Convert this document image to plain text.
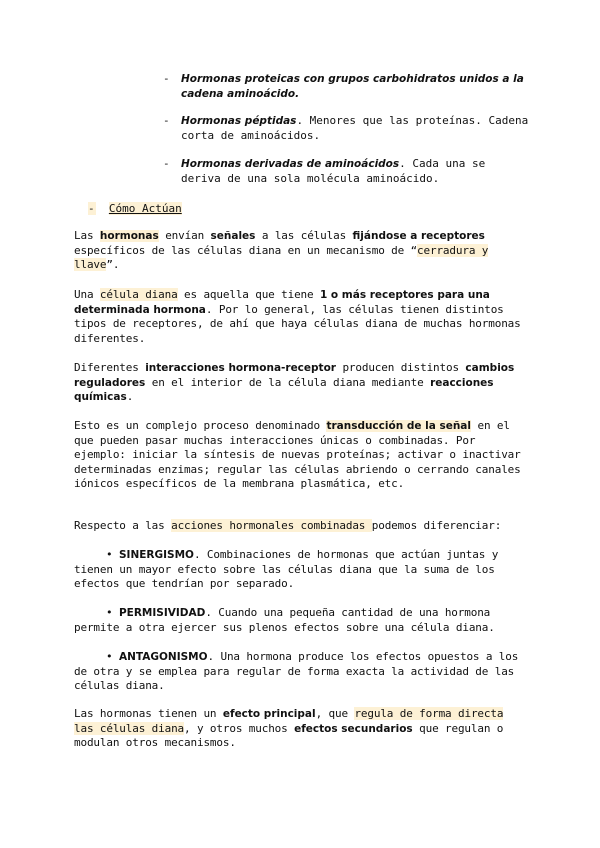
- Hormonas proteicas con grupos carbohidratos unidos a la cadena aminoácido.
- Hormonas péptidas. Menores que las proteínas. Cadena corta de aminoácidos.
- Hormonas derivadas de aminoácidos. Cada una se deriva de una sola molécula aminoácido.
- Cómo Actúan
Las hormonas envían señales a las células fijándose a receptores específicos de las células diana en un mecanismo de “cerradura y llave”.
Una célula diana es aquella que tiene 1 o más receptores para una determinada hormona. Por lo general, las células tienen distintos tipos de receptores, de ahí que haya células diana de muchas hormonas diferentes.
Diferentes interacciones hormona-receptor producen distintos cambios reguladores en el interior de la célula diana mediante reacciones químicas.
Esto es un complejo proceso denominado transducción de la señal en el que pueden pasar muchas interacciones únicas o combinadas. Por ejemplo: iniciar la síntesis de nuevas proteínas; activar o inactivar determinadas enzimas; regular las células abriendo o cerrando canales iónicos específicos de la membrana plasmática, etc.
Respecto a las acciones hormonales combinadas podemos diferenciar:
• SINERGISMO. Combinaciones de hormonas que actúan juntas y tienen un mayor efecto sobre las células diana que la suma de los efectos que tendrían por separado.
• PERMISIVIDAD. Cuando una pequeña cantidad de una hormona permite a otra ejercer sus plenos efectos sobre una célula diana.
• ANTAGONISMO. Una hormona produce los efectos opuestos a los de otra y se emplea para regular de forma exacta la actividad de las células diana.
Las hormonas tienen un efecto principal, que regula de forma directa las células diana, y otros muchos efectos secundarios que regulan o modulan otros mecanismos.
